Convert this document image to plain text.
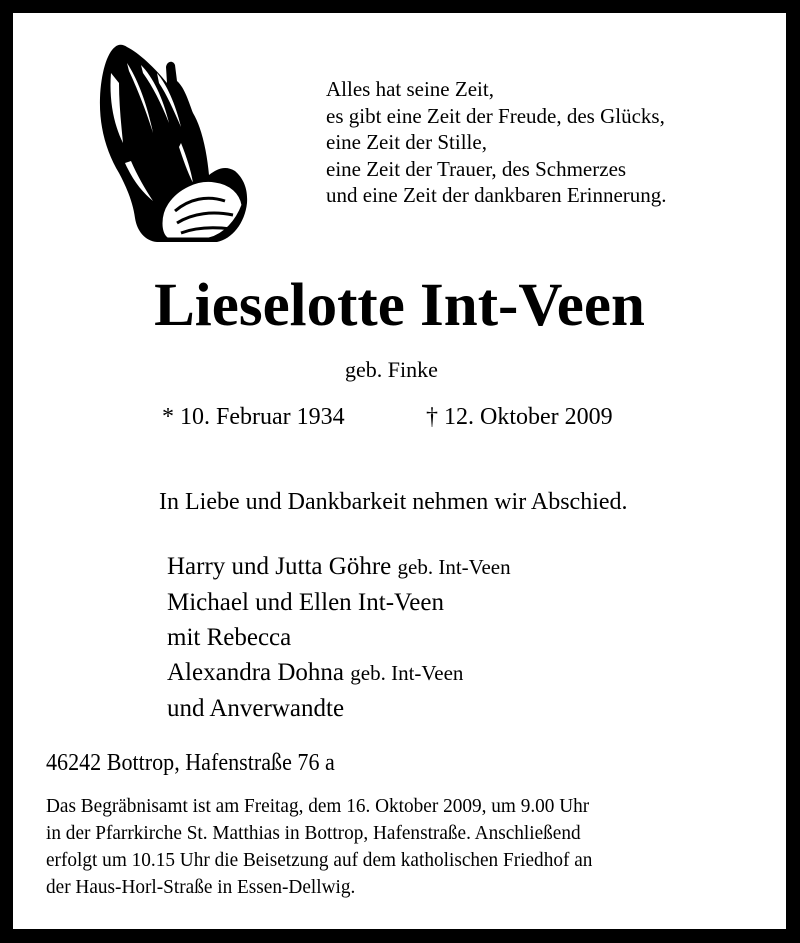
Alles hat seine Zeit,
es gibt eine Zeit der Freude, des Glücks,
eine Zeit der Stille,
eine Zeit der Trauer, des Schmerzes
und eine Zeit der dankbaren Erinnerung.
Lieselotte Int-Veen
geb. Finke
* 10. Februar 1934	† 12. Oktober 2009
In Liebe und Dankbarkeit nehmen wir Abschied.
Harry und Jutta Göhre geb. Int-Veen
Michael und Ellen Int-Veen
mit Rebecca
Alexandra Dohna geb. Int-Veen
und Anverwandte
46242 Bottrop, Hafenstraße 76 a
Das Begräbnisamt ist am Freitag, dem 16. Oktober 2009, um 9.00 Uhr
in der Pfarrkirche St. Matthias in Bottrop, Hafenstraße. Anschließend
erfolgt um 10.15 Uhr die Beisetzung auf dem katholischen Friedhof an
der Haus-Horl-Straße in Essen-Dellwig.
